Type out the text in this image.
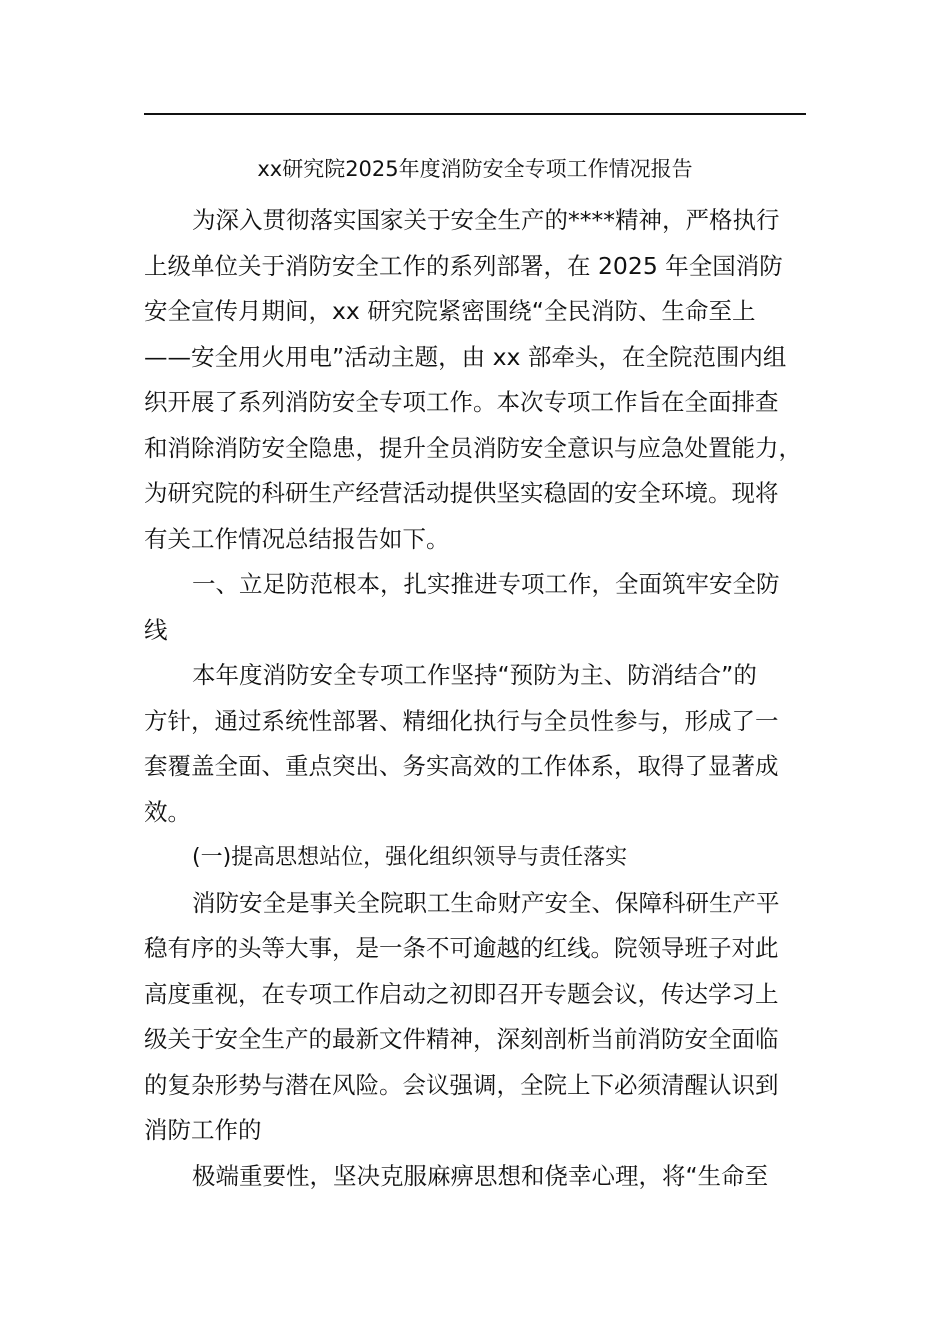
xx研究院2025年度消防安全专项工作情况报告
为深入贯彻落实国家关于安全生产的****精神，严格执行
上级单位关于消防安全工作的系列部署，在 2025 年全国消防
安全宣传月期间，xx 研究院紧密围绕“全民消防、生命至上
——安全用火用电”活动主题，由 xx 部牵头，在全院范围内组
织开展了系列消防安全专项工作。本次专项工作旨在全面排查
和消除消防安全隐患，提升全员消防安全意识与应急处置能力，
为研究院的科研生产经营活动提供坚实稳固的安全环境。现将
有关工作情况总结报告如下。
一、立足防范根本，扎实推进专项工作，全面筑牢安全防
线
本年度消防安全专项工作坚持“预防为主、防消结合”的
方针，通过系统性部署、精细化执行与全员性参与，形成了一
套覆盖全面、重点突出、务实高效的工作体系，取得了显著成
效。
(一)提高思想站位，强化组织领导与责任落实
消防安全是事关全院职工生命财产安全、保障科研生产平
稳有序的头等大事，是一条不可逾越的红线。院领导班子对此
高度重视，在专项工作启动之初即召开专题会议，传达学习上
级关于安全生产的最新文件精神，深刻剖析当前消防安全面临
的复杂形势与潜在风险。会议强调，全院上下必须清醒认识到
消防工作的
极端重要性，坚决克服麻痹思想和侥幸心理，将“生命至
